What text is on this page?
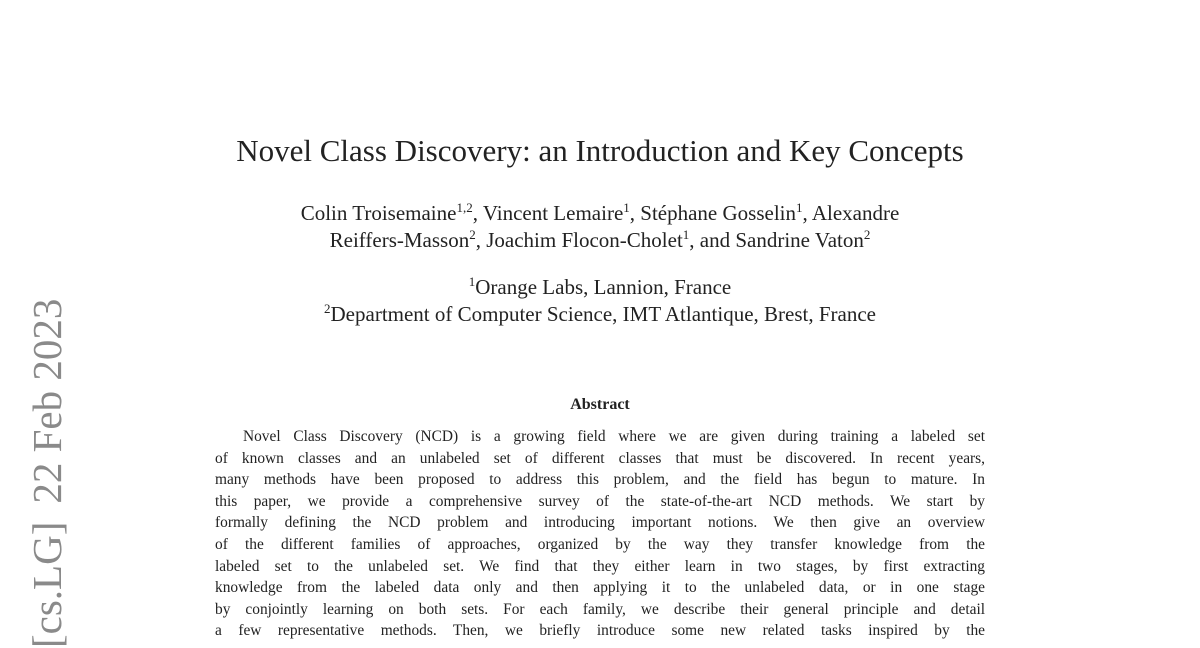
[cs.LG]22 Feb 2023
Novel Class Discovery: an Introduction and Key Concepts
Colin Troisemaine$^{1,2}$, Vincent Lemaire$^1$, Stéphane Gosselin$^1$, Alexandre
Reiffers-Masson$^2$, Joachim Flocon-Cholet$^1$, and Sandrine Vaton$^2$
$^1$Orange Labs, Lannion, France
$^2$Department of Computer Science, IMT Atlantique, Brest, France
Abstract
Novel Class Discovery (NCD) is a growing field where we are given during training a labeled set
of known classes and an unlabeled set of different classes that must be discovered. In recent years,
many methods have been proposed to address this problem, and the field has begun to mature. In
this paper, we provide a comprehensive survey of the state-of-the-art NCD methods. We start by
formally defining the NCD problem and introducing important notions. We then give an overview
of the different families of approaches, organized by the way they transfer knowledge from the
labeled set to the unlabeled set. We find that they either learn in two stages, by first extracting
knowledge from the labeled data only and then applying it to the unlabeled data, or in one stage
by conjointly learning on both sets. For each family, we describe their general principle and detail
a few representative methods. Then, we briefly introduce some new related tasks inspired by the
